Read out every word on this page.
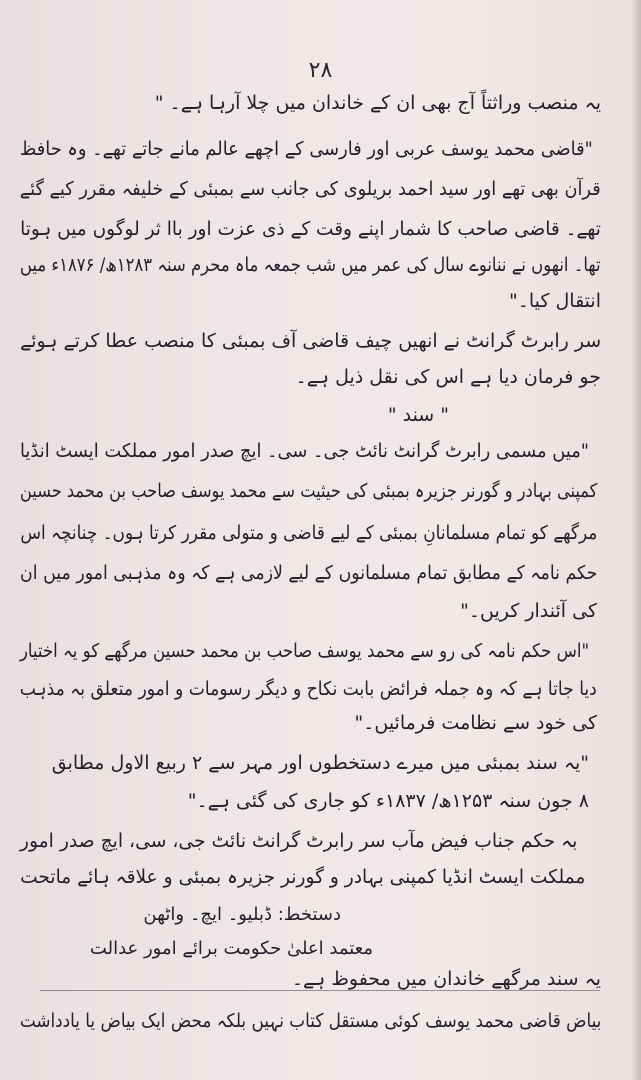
۲۸
یہ منصب وراثتاً آج بھی ان کے خاندان میں چلا آرہا ہے۔ "
"قاضی محمد یوسف عربی اور فارسی کے اچھے عالم مانے جاتے تھے۔ وہ حافظ
قرآن بھی تھے اور سید احمد بریلوی کی جانب سے بمبئی کے خلیفہ مقرر کیے گئے
تھے۔ قاضی صاحب کا شمار اپنے وقت کے ذی عزت اور باا ثر لوگوں میں ہوتا
تھا۔ انھوں نے ننانوے سال کی عمر میں شب جمعہ ماہ محرم سنہ ۱۲۸۳ھ/ ۱۸۷۶ء میں
انتقال کیا۔"
سر رابرٹ گرانٹ نے انھیں چیف قاضی آف بمبئی کا منصب عطا کرتے ہوئے
جو فرمان دیا ہے اس کی نقل ذیل ہے۔
" سند "
"میں مسمی رابرٹ گرانٹ نائٹ جی۔ سی۔ ایچ صدر امور مملکت ایسٹ انڈیا
کمپنی بہادر و گورنر جزیرہ بمبئی کی حیثیت سے محمد یوسف صاحب بن محمد حسین
مرگھے کو تمام مسلمانانِ بمبئی کے لیے قاضی و متولی مقرر کرتا ہوں۔ چنانچہ اس
حکم نامہ کے مطابق تمام مسلمانوں کے لیے لازمی ہے کہ وہ مذہبی امور میں ان
کی آئندار کریں۔"
"اس حکم نامہ کی رو سے محمد یوسف صاحب بن محمد حسین مرگھے کو یہ اختیار
دیا جاتا ہے کہ وہ جملہ فرائض بابت نکاح و دیگر رسومات و امور متعلق بہ مذہب
کی خود سے نظامت فرمائیں۔"
"یہ سند بمبئی میں میرے دستخطوں اور مہر سے ۲ ربیع الاول مطابق
۸ جون سنہ ۱۲۵۳ھ/ ۱۸۳۷ء کو جاری کی گئی ہے۔"
بہ حکم جناب فیض مآب سر رابرٹ گرانٹ نائٹ جی، سی، ایچ صدر امور
مملکت ایسٹ انڈیا کمپنی بہادر و گورنر جزیرہ بمبئی و علاقہ ہائے ماتحت
دستخط: ڈبلیو۔ ایچ۔ واٹھن
معتمد اعلیٰ حکومت برائے امور عدالت
یہ سند مرگھے خاندان میں محفوظ ہے۔
بیاض قاضی محمد یوسف کوئی مستقل کتاب نہیں بلکہ محض ایک بیاض یا یادداشت
